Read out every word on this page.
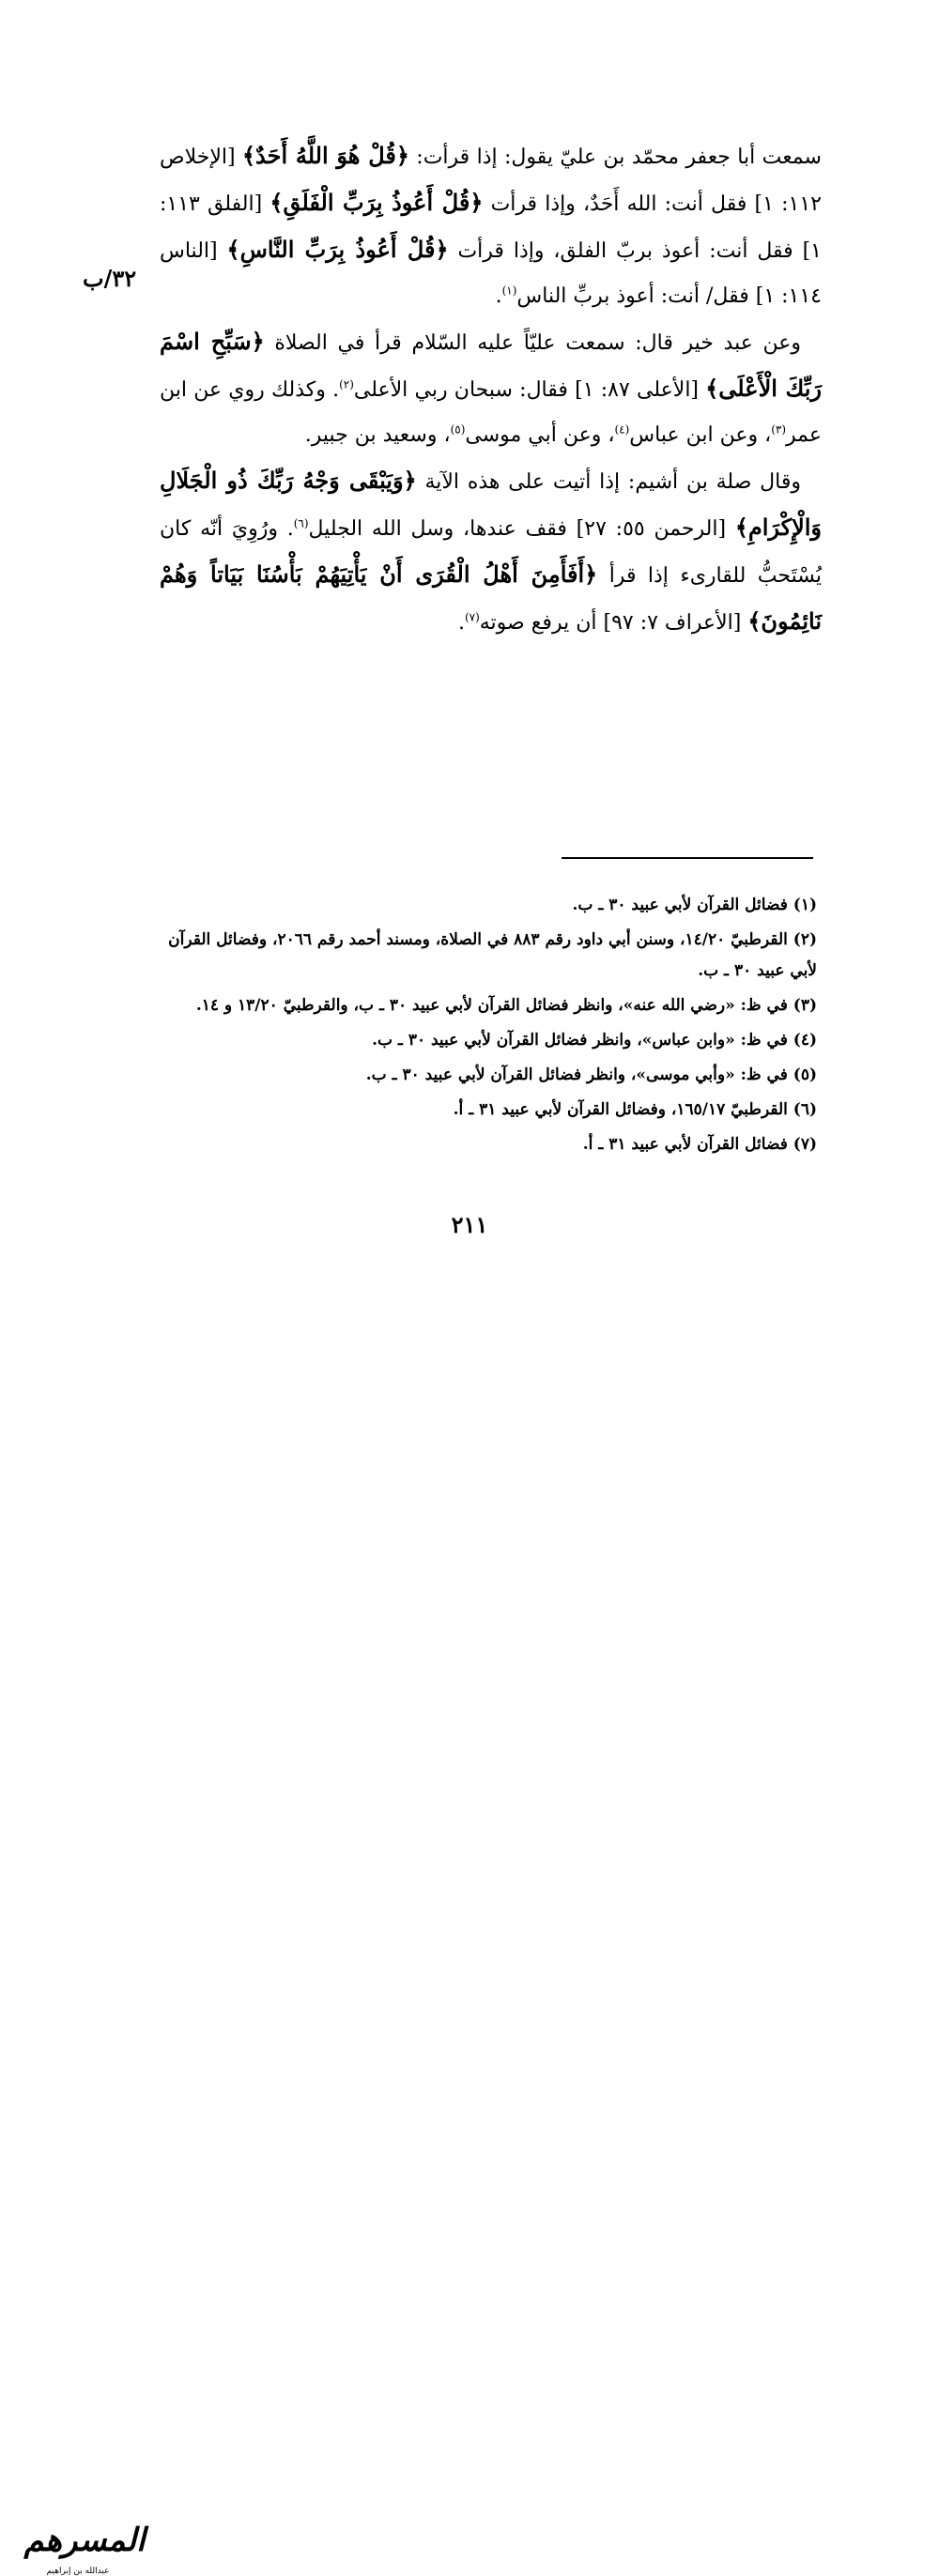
٣٢/ب

سمعت أبا جعفر محمّد بن عليّ يقول: إذا قرأت: ﴿قُلْ هُوَ اللَّهُ أَحَدٌ﴾ [الإخلاص ١١٢: ١] فقل أنت: الله أَحَدٌ، وإذا قرأت ﴿قُلْ أَعُوذُ بِرَبِّ الْفَلَقِ﴾ [الفلق ١١٣: ١] فقل أنت: أعوذ بربّ الفلق، وإذا قرأت ﴿قُلْ أَعُوذُ بِرَبِّ النَّاسِ﴾ [الناس ١١٤: ١] فقل/ أنت: أعوذ بربِّ الناس$^{(١)}$.

وعن عبد خير قال: سمعت عليّاً عليه السّلام قرأ في الصلاة ﴿سَبِّحِ اسْمَ رَبِّكَ الْأَعْلَى﴾ [الأعلى ٨٧: ١] فقال: سبحان ربي الأعلى$^{(٢)}$. وكذلك روي عن ابن عمر$^{(٣)}$، وعن ابن عباس$^{(٤)}$، وعن أبي موسى$^{(٥)}$، وسعيد بن جبير.

وقال صلة بن أشيم: إذا أتيت على هذه الآية ﴿وَيَبْقَى وَجْهُ رَبِّكَ ذُو الْجَلَالِ وَالْإِكْرَامِ﴾ [الرحمن ٥٥: ٢٧] فقف عندها، وسل الله الجليل$^{(٦)}$. ورُوِيَ أنّه كان يُسْتَحبُّ للقارىء إذا قرأ ﴿أَفَأَمِنَ أَهْلُ الْقُرَى أَنْ يَأْتِيَهُمْ بَأْسُنَا بَيَاتاً وَهُمْ نَائِمُونَ﴾ [الأعراف ٧: ٩٧] أن يرفع صوته$^{(٧)}$.

(١) فضائل القرآن لأبي عبيد ٣٠ ـ ب.

(٢) القرطبيّ ١٤/٢٠، وسنن أبي داود رقم ٨٨٣ في الصلاة، ومسند أحمد رقم ٢٠٦٦، وفضائل القرآن لأبي عبيد ٣٠ ـ ب.

(٣) في ظ: «رضي الله عنه»، وانظر فضائل القرآن لأبي عبيد ٣٠ ـ ب، والقرطبيّ ١٣/٢٠ و ١٤.

(٤) في ظ: «وابن عباس»، وانظر فضائل القرآن لأبي عبيد ٣٠ ـ ب.

(٥) في ظ: «وأبي موسى»، وانظر فضائل القرآن لأبي عبيد ٣٠ ـ ب.

(٦) القرطبيّ ١٦٥/١٧، وفضائل القرآن لأبي عبيد ٣١ ـ أ.

(٧) فضائل القرآن لأبي عبيد ٣١ ـ أ.

٢١١
المسرهم
عبدالله بن إبراهيم
